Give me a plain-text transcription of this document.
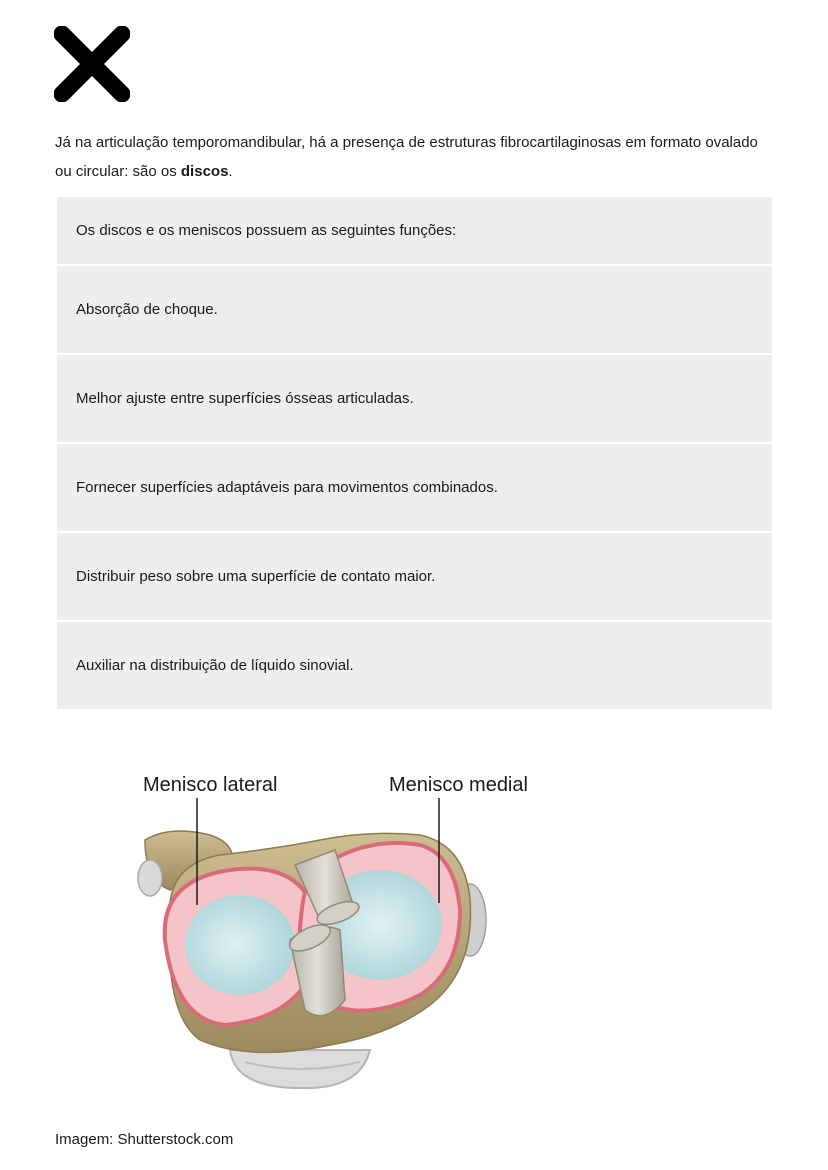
Já na articulação temporomandibular, há a presença de estruturas fibrocartilaginosas em formato ovalado ou circular: são os discos.

Os discos e os meniscos possuem as seguintes funções:
Absorção de choque.
Melhor ajuste entre superfícies ósseas articuladas.
Fornecer superfícies adaptáveis para movimentos combinados.
Distribuir peso sobre uma superfície de contato maior.
Auxiliar na distribuição de líquido sinovial.
Menisco lateral	Menisco medial

Imagem: Shutterstock.com
